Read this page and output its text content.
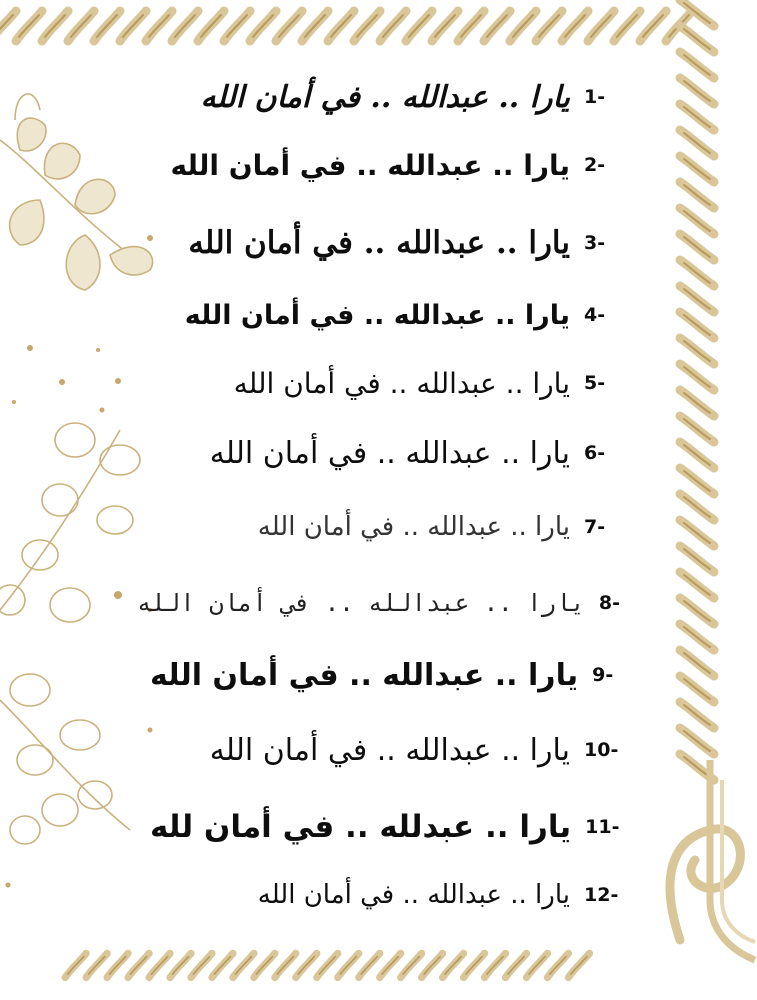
يارا .. عبدالله .. في أمان الله 1-
يارا .. عبدالله .. في أمان الله 2-
يارا .. عبدالله .. في أمان الله 3-
يارا .. عبدالله .. في أمان الله 4-
يارا .. عبدالله .. في أمان الله 5-
يارا .. عبدالله .. في أمان الله 6-
يارا .. عبدالله .. في أمان الله 7-
يارا .. عبدالله .. في أمان الله 8-
يارا .. عبدالله .. في أمان الله 9-
يارا .. عبدالله .. في أمان الله 10-
يارا .. عبدلله .. في أمان لله 11-
يارا .. عبدالله .. في أمان الله 12-
